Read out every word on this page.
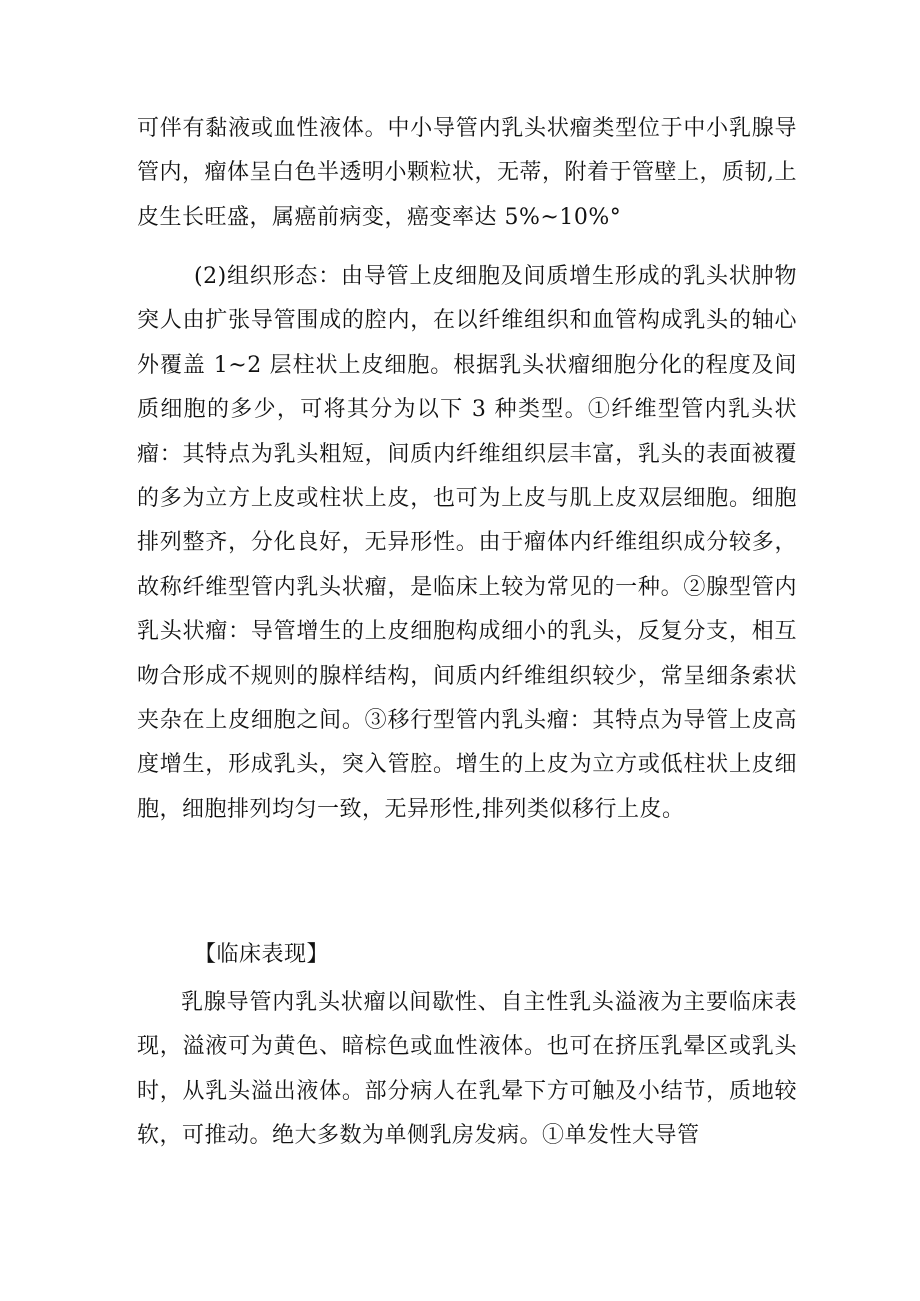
可伴有黏液或血性液体。中小导管内乳头状瘤类型位于中小乳腺导管内，瘤体呈白色半透明小颗粒状，无蒂，附着于管壁上，质韧,上皮生长旺盛，属癌前病变，癌变率达 5%~10%°

(2)组织形态：由导管上皮细胞及间质增生形成的乳头状肿物突人由扩张导管围成的腔内，在以纤维组织和血管构成乳头的轴心外覆盖 1~2 层柱状上皮细胞。根据乳头状瘤细胞分化的程度及间质细胞的多少，可将其分为以下 3 种类型。①纤维型管内乳头状瘤：其特点为乳头粗短，间质内纤维组织层丰富，乳头的表面被覆的多为立方上皮或柱状上皮，也可为上皮与肌上皮双层细胞。细胞排列整齐，分化良好，无异形性。由于瘤体内纤维组织成分较多，故称纤维型管内乳头状瘤，是临床上较为常见的一种。②腺型管内乳头状瘤：导管增生的上皮细胞构成细小的乳头，反复分支，相互吻合形成不规则的腺样结构，间质内纤维组织较少，常呈细条索状夹杂在上皮细胞之间。③移行型管内乳头瘤：其特点为导管上皮高度增生，形成乳头，突入管腔。增生的上皮为立方或低柱状上皮细胞，细胞排列均匀一致，无异形性,排列类似移行上皮。

【临床表现】

乳腺导管内乳头状瘤以间歇性、自主性乳头溢液为主要临床表现，溢液可为黄色、暗棕色或血性液体。也可在挤压乳晕区或乳头时，从乳头溢出液体。部分病人在乳晕下方可触及小结节，质地较软，可推动。绝大多数为单侧乳房发病。①单发性大导管
